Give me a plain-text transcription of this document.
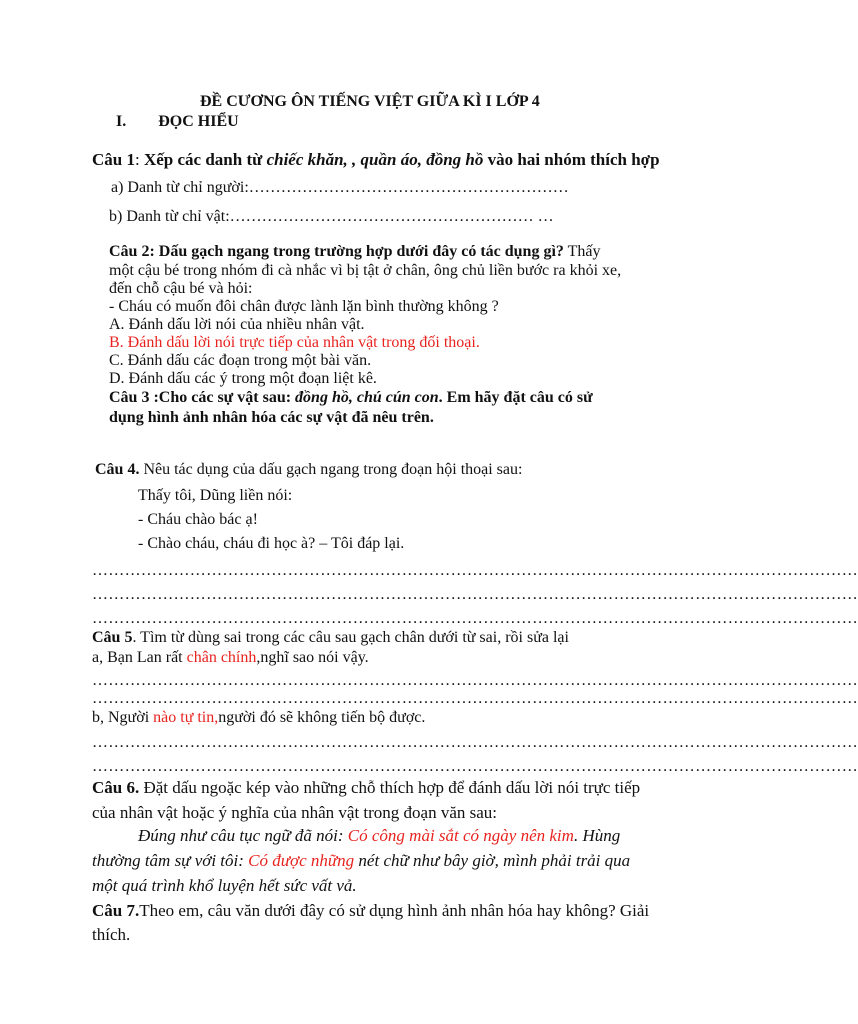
ĐỀ CƯƠNG ÔN TIẾNG VIỆT GIỮA KÌ I LỚP 4
I. ĐỌC HIỂU
Câu 1: Xếp các danh từ chiếc khăn, , quần áo, đồng hồ vào hai nhóm thích hợp
a) Danh từ chỉ người:……………………………………………………
b) Danh từ chỉ vật:………………………………………………… …
Câu 2: Dấu gạch ngang trong trường hợp dưới đây có tác dụng gì? Thấy
một cậu bé trong nhóm đi cà nhắc vì bị tật ở chân, ông chủ liền bước ra khỏi xe,
đến chỗ cậu bé và hỏi:
- Cháu có muốn đôi chân được lành lặn bình thường không ?
A. Đánh dấu lời nói của nhiều nhân vật.
B. Đánh dấu lời nói trực tiếp của nhân vật trong đối thoại.
C. Đánh dấu các đoạn trong một bài văn.
D. Đánh dấu các ý trong một đoạn liệt kê.
Câu 3 :Cho các sự vật sau: đồng hồ, chú cún con. Em hãy đặt câu có sử
dụng hình ảnh nhân hóa các sự vật đã nêu trên.
Câu 4. Nêu tác dụng của dấu gạch ngang trong đoạn hội thoại sau:
Thấy tôi, Dũng liền nói:
- Cháu chào bác ạ!
- Chào cháu, cháu đi học à? – Tôi đáp lại.
……………………………………………………………………………………………………………………………
……………………………………………………………………………………………………………………………
……………………………………………………………………………………………………………………………
Câu 5. Tìm từ dùng sai trong các câu sau gạch chân dưới từ sai, rồi sửa lại
a, Bạn Lan rất chân chính,nghĩ sao nói vậy.
……………………………………………………………………………………………………………………………
……………………………………………………………………………………………………………………………
b, Người nào tự tin,người đó sẽ không tiến bộ được.
……………………………………………………………………………………………………………………………
……………………………………………………………………………………………………………………………
Câu 6. Đặt dấu ngoặc kép vào những chỗ thích hợp để đánh dấu lời nói trực tiếp
của nhân vật hoặc ý nghĩa của nhân vật trong đoạn văn sau:
Đúng như câu tục ngữ đã nói: Có công mài sắt có ngày nên kim. Hùng
thường tâm sự với tôi: Có được những nét chữ như bây giờ, mình phải trải qua
một quá trình khổ luyện hết sức vất vả.
Câu 7.Theo em, câu văn dưới đây có sử dụng hình ảnh nhân hóa hay không? Giải
thích.
